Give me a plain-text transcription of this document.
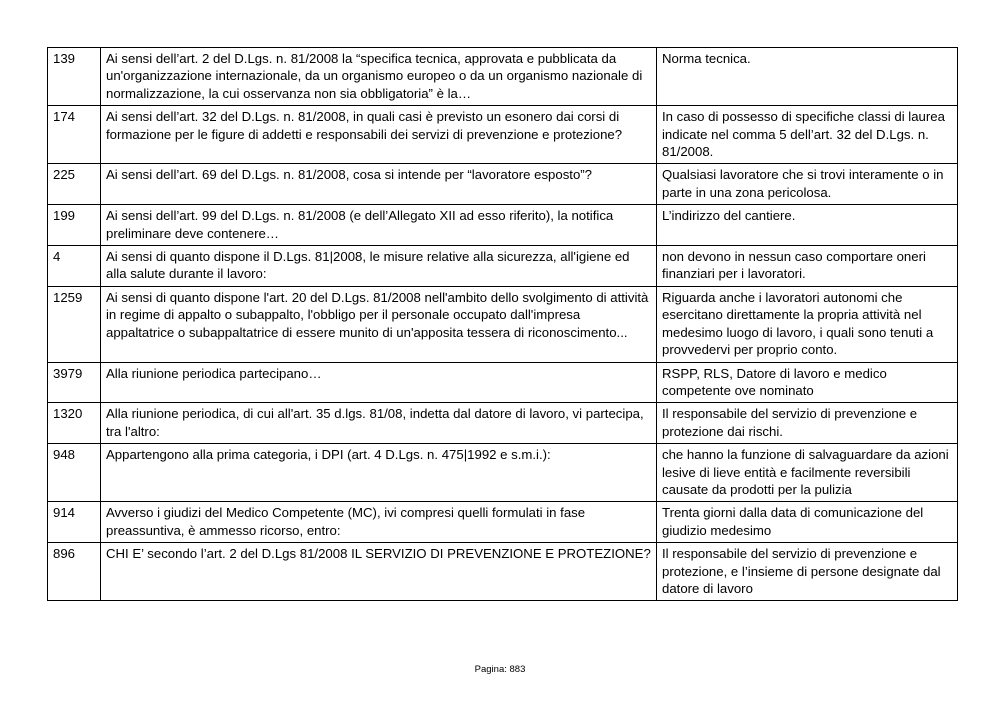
139	Ai sensi dell’art. 2 del D.Lgs. n. 81/2008 la “specifica tecnica, approvata e pubblicata da un'organizzazione internazionale, da un organismo europeo o da un organismo nazionale di normalizzazione, la cui osservanza non sia obbligatoria” è la…	Norma tecnica.
174	Ai sensi dell’art. 32 del D.Lgs. n. 81/2008, in quali casi è previsto un esonero dai corsi di formazione per le figure di addetti e responsabili dei servizi di prevenzione e protezione?	In caso di possesso di specifiche classi di laurea indicate nel comma 5 dell’art. 32 del D.Lgs. n. 81/2008.
225	Ai sensi dell’art. 69 del D.Lgs. n. 81/2008, cosa si intende per “lavoratore esposto”?	Qualsiasi lavoratore che si trovi interamente o in parte in una zona pericolosa.
199	Ai sensi dell’art. 99 del D.Lgs. n. 81/2008 (e dell’Allegato XII ad esso riferito), la notifica preliminare deve contenere…	L’indirizzo del cantiere.
4	Ai sensi di quanto dispone il D.Lgs. 81|2008, le misure relative alla sicurezza, all'igiene ed alla salute durante il lavoro:	non devono in nessun caso comportare oneri finanziari per i lavoratori.
1259	Ai sensi di quanto dispone l'art. 20 del D.Lgs. 81/2008 nell'ambito dello svolgimento di attività in regime di appalto o subappalto, l'obbligo per il personale occupato dall'impresa appaltatrice o subappaltatrice di essere munito di un'apposita tessera di riconoscimento...	Riguarda anche i lavoratori autonomi che esercitano direttamente la propria attività nel medesimo luogo di lavoro, i quali sono tenuti a provvedervi per proprio conto.
3979	Alla riunione periodica partecipano…	RSPP, RLS, Datore di lavoro e medico competente ove nominato
1320	Alla riunione periodica, di cui all'art. 35 d.lgs. 81/08, indetta dal datore di lavoro, vi partecipa, tra l'altro:	Il responsabile del servizio di prevenzione e protezione dai rischi.
948	Appartengono alla prima categoria, i DPI (art. 4 D.Lgs. n. 475|1992 e s.m.i.):	che hanno la funzione di salvaguardare da azioni lesive di lieve entità e facilmente reversibili causate da prodotti per la pulizia
914	Avverso i giudizi del Medico Competente (MC), ivi compresi quelli formulati in fase preassuntiva, è ammesso ricorso, entro:	Trenta giorni dalla data di comunicazione del giudizio medesimo
896	CHI E’ secondo l’art. 2 del D.Lgs 81/2008 IL SERVIZIO DI PREVENZIONE E PROTEZIONE?	Il responsabile del servizio di prevenzione e protezione, e l’insieme di persone designate dal datore di lavoro
Pagina: 883
